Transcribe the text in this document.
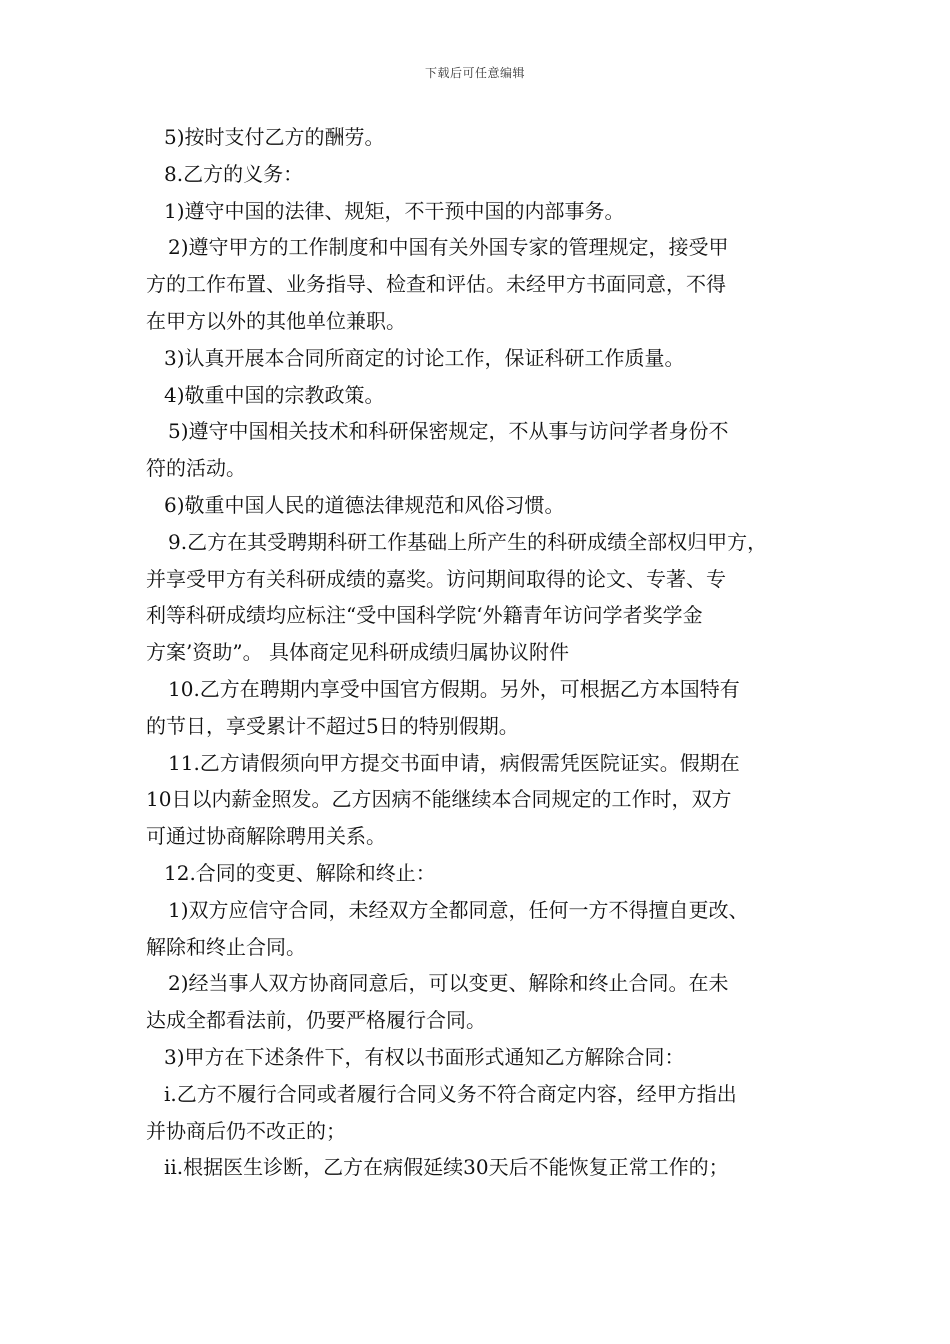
下载后可任意编辑

5)按时支付乙方的酬劳。

8.乙方的义务：

1)遵守中国的法律、规矩，不干预中国的内部事务。

2)遵守甲方的工作制度和中国有关外国专家的管理规定，接受甲

方的工作布置、业务指导、检查和评估。未经甲方书面同意，不得

在甲方以外的其他单位兼职。

3)认真开展本合同所商定的讨论工作，保证科研工作质量。

4)敬重中国的宗教政策。

5)遵守中国相关技术和科研保密规定，不从事与访问学者身份不

符的活动。

6)敬重中国人民的道德法律规范和风俗习惯。

9.乙方在其受聘期科研工作基础上所产生的科研成绩全部权归甲方，

并享受甲方有关科研成绩的嘉奖。访问期间取得的论文、专著、专

利等科研成绩均应标注“受中国科学院‘外籍青年访问学者奖学金

方案’资助”。 具体商定见科研成绩归属协议附件

10.乙方在聘期内享受中国官方假期。另外，可根据乙方本国特有

的节日，享受累计不超过5日的特别假期。

11.乙方请假须向甲方提交书面申请，病假需凭医院证实。假期在

10日以内薪金照发。乙方因病不能继续本合同规定的工作时，双方

可通过协商解除聘用关系。

12.合同的变更、解除和终止：

1)双方应信守合同，未经双方全都同意，任何一方不得擅自更改、

解除和终止合同。

2)经当事人双方协商同意后，可以变更、解除和终止合同。在未

达成全都看法前，仍要严格履行合同。

3)甲方在下述条件下，有权以书面形式通知乙方解除合同：

i.乙方不履行合同或者履行合同义务不符合商定内容，经甲方指出

并协商后仍不改正的；

ii.根据医生诊断，乙方在病假延续30天后不能恢复正常工作的；
